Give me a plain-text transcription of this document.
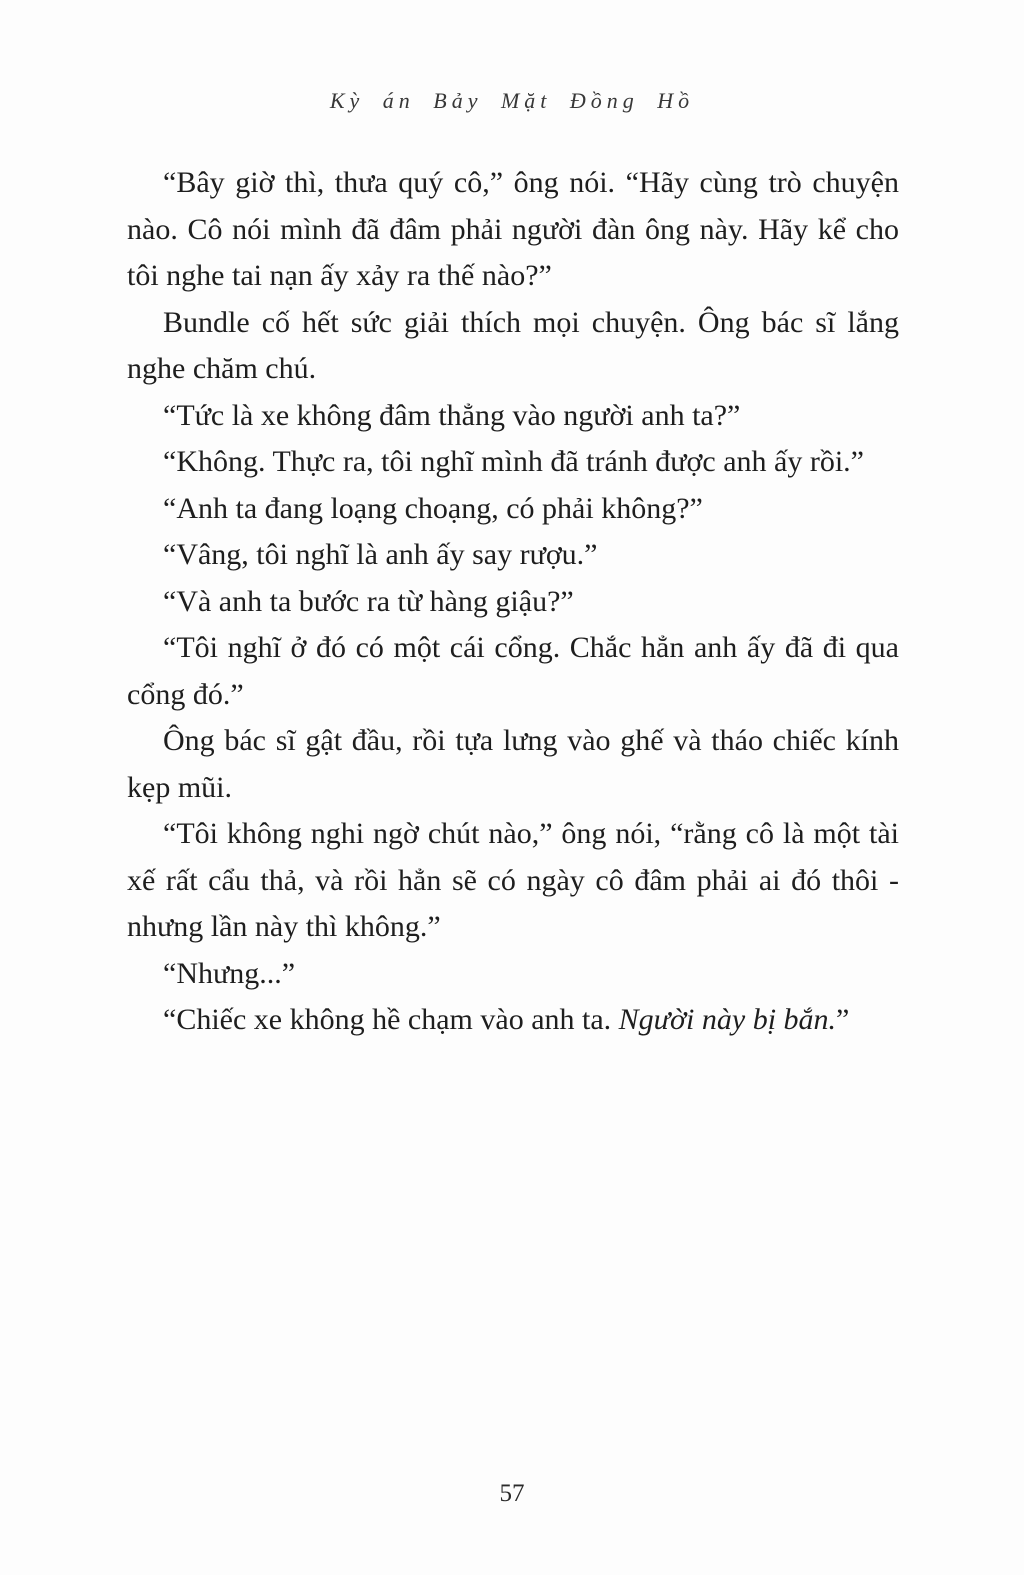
Kỳ án Bảy Mặt Đồng Hồ

“Bây giờ thì, thưa quý cô,” ông nói. “Hãy cùng trò chuyện nào. Cô nói mình đã đâm phải người đàn ông này. Hãy kể cho tôi nghe tai nạn ấy xảy ra thế nào?”

Bundle cố hết sức giải thích mọi chuyện. Ông bác sĩ lắng nghe chăm chú.

“Tức là xe không đâm thẳng vào người anh ta?”

“Không. Thực ra, tôi nghĩ mình đã tránh được anh ấy rồi.”

“Anh ta đang loạng choạng, có phải không?”

“Vâng, tôi nghĩ là anh ấy say rượu.”

“Và anh ta bước ra từ hàng giậu?”

“Tôi nghĩ ở đó có một cái cổng. Chắc hẳn anh ấy đã đi qua cổng đó.”

Ông bác sĩ gật đầu, rồi tựa lưng vào ghế và tháo chiếc kính kẹp mũi.

“Tôi không nghi ngờ chút nào,” ông nói, “rằng cô là một tài xế rất cẩu thả, và rồi hẳn sẽ có ngày cô đâm phải ai đó thôi - nhưng lần này thì không.”

“Nhưng...”

“Chiếc xe không hề chạm vào anh ta. Người này bị bắn.”

57
